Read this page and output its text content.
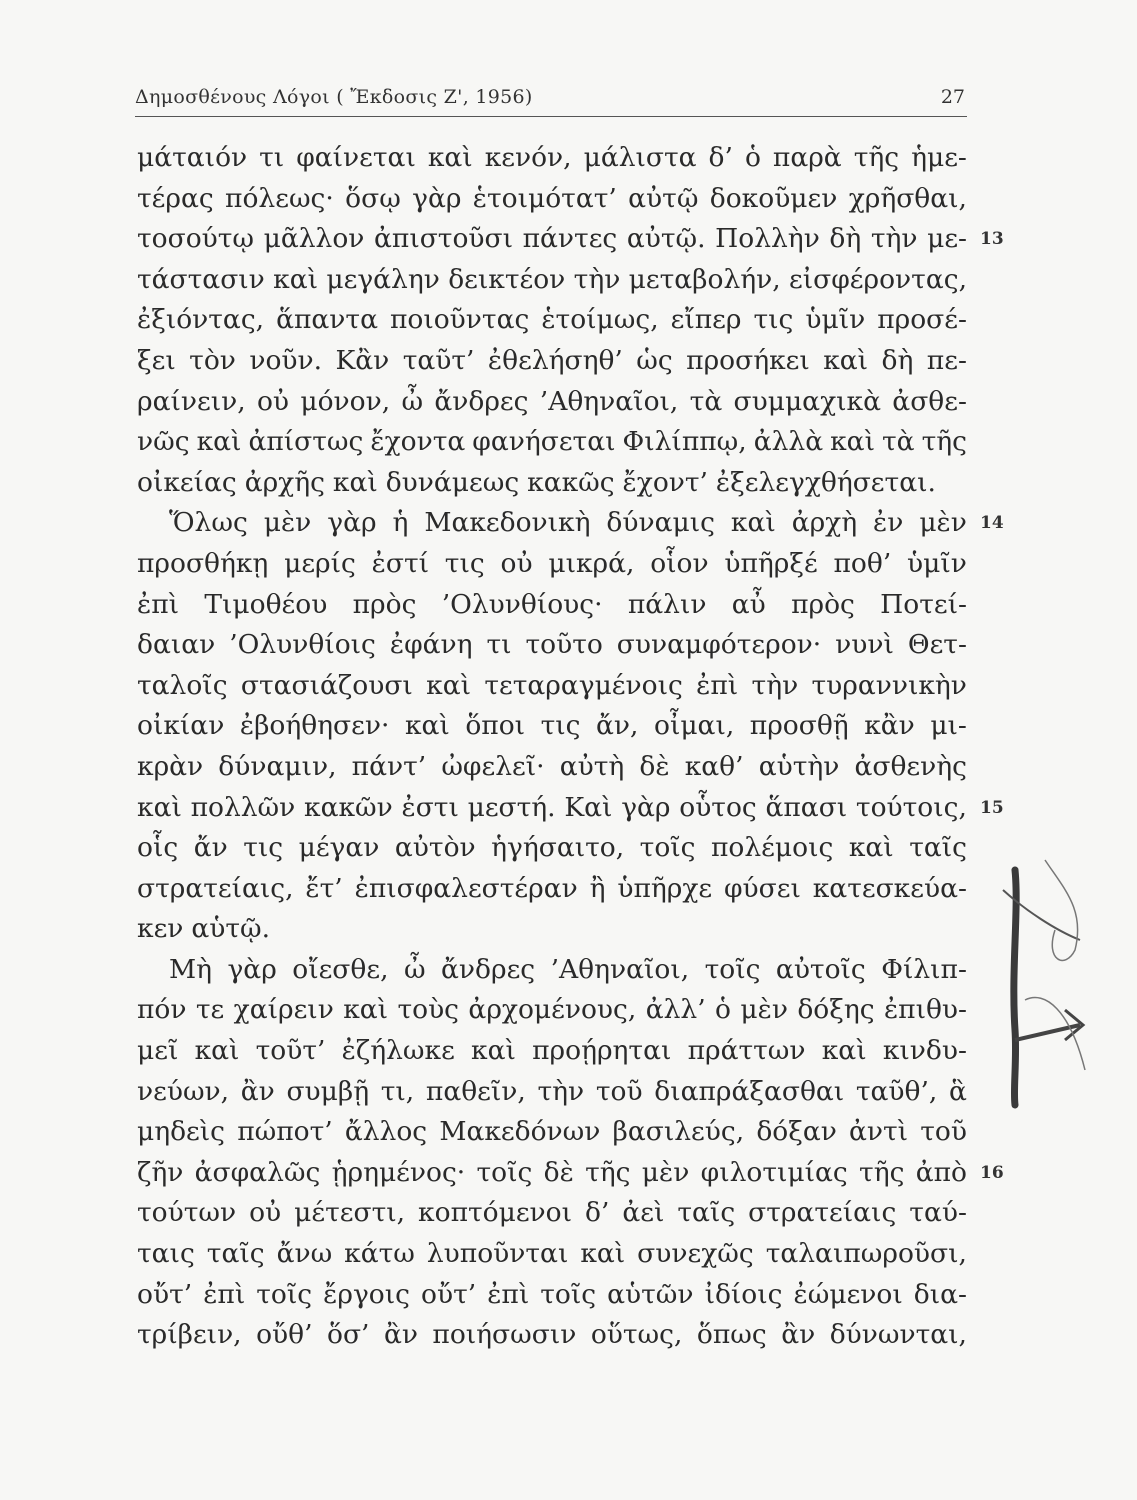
Δημοσθένους Λόγοι ( Ἔκδοσις Ζ', 1956)	27
μάταιόν τι φαίνεται καὶ κενόν, μάλιστα δ’ ὁ παρὰ τῆς ἡμε-
τέρας πόλεως· ὅσῳ γὰρ ἑτοιμότατ’ αὐτῷ δοκοῦμεν χρῆσθαι,
τοσούτῳ μᾶλλον ἀπιστοῦσι πάντες αὐτῷ. Πολλὴν δὴ τὴν με-
τάστασιν καὶ μεγάλην δεικτέον τὴν μεταβολήν, εἰσφέροντας,
ἐξιόντας, ἅπαντα ποιοῦντας ἑτοίμως, εἴπερ τις ὑμῖν προσέ-
ξει τὸν νοῦν. Κἂν ταῦτ’ ἐθελήσηθ’ ὡς προσήκει καὶ δὴ πε-
ραίνειν, οὐ μόνον, ὦ ἄνδρες ’Αθηναῖοι, τὰ συμμαχικὰ ἀσθε-
νῶς καὶ ἀπίστως ἔχοντα φανήσεται Φιλίππῳ, ἀλλὰ καὶ τὰ τῆς
οἰκείας ἀρχῆς καὶ δυνάμεως κακῶς ἔχοντ’ ἐξελεγχθήσεται.
Ὅλως μὲν γὰρ ἡ Μακεδονικὴ δύναμις καὶ ἀρχὴ ἐν μὲν
προσθήκῃ μερίς ἐστί τις οὐ μικρά, οἷον ὑπῆρξέ ποθ’ ὑμῖν
ἐπὶ Τιμοθέου πρὸς ’Ολυνθίους· πάλιν αὖ πρὸς Ποτεί-
δαιαν ’Ολυνθίοις ἐφάνη τι τοῦτο συναμφότερον· νυνὶ Θετ-
ταλοῖς στασιάζουσι καὶ τεταραγμένοις ἐπὶ τὴν τυραννικὴν
οἰκίαν ἐβοήθησεν· καὶ ὅποι τις ἄν, οἶμαι, προσθῇ κἂν μι-
κρὰν δύναμιν, πάντ’ ὠφελεῖ· αὐτὴ δὲ καθ’ αὑτὴν ἀσθενὴς
καὶ πολλῶν κακῶν ἐστι μεστή. Καὶ γὰρ οὗτος ἅπασι τούτοις,
οἷς ἄν τις μέγαν αὐτὸν ἡγήσαιτο, τοῖς πολέμοις καὶ ταῖς
στρατείαις, ἔτ’ ἐπισφαλεστέραν ἢ ὑπῆρχε φύσει κατεσκεύα-
κεν αὑτῷ.
Μὴ γὰρ οἴεσθε, ὦ ἄνδρες ’Αθηναῖοι, τοῖς αὐτοῖς Φίλιπ-
πόν τε χαίρειν καὶ τοὺς ἀρχομένους, ἀλλ’ ὁ μὲν δόξης ἐπιθυ-
μεῖ καὶ τοῦτ’ ἐζήλωκε καὶ προῄρηται πράττων καὶ κινδυ-
νεύων, ἂν συμβῇ τι, παθεῖν, τὴν τοῦ διαπράξασθαι ταῦθ’, ἃ
μηδεὶς πώποτ’ ἄλλος Μακεδόνων βασιλεύς, δόξαν ἀντὶ τοῦ
ζῆν ἀσφαλῶς ᾑρημένος· τοῖς δὲ τῆς μὲν φιλοτιμίας τῆς ἀπὸ
τούτων οὐ μέτεστι, κοπτόμενοι δ’ ἀεὶ ταῖς στρατείαις ταύ-
ταις ταῖς ἄνω κάτω λυποῦνται καὶ συνεχῶς ταλαιπωροῦσι,
οὔτ’ ἐπὶ τοῖς ἔργοις οὔτ’ ἐπὶ τοῖς αὑτῶν ἰδίοις ἐώμενοι δια-
τρίβειν, οὔθ’ ὅσ’ ἂν ποιήσωσιν οὕτως, ὅπως ἂν δύνωνται,
13
14
15
16
